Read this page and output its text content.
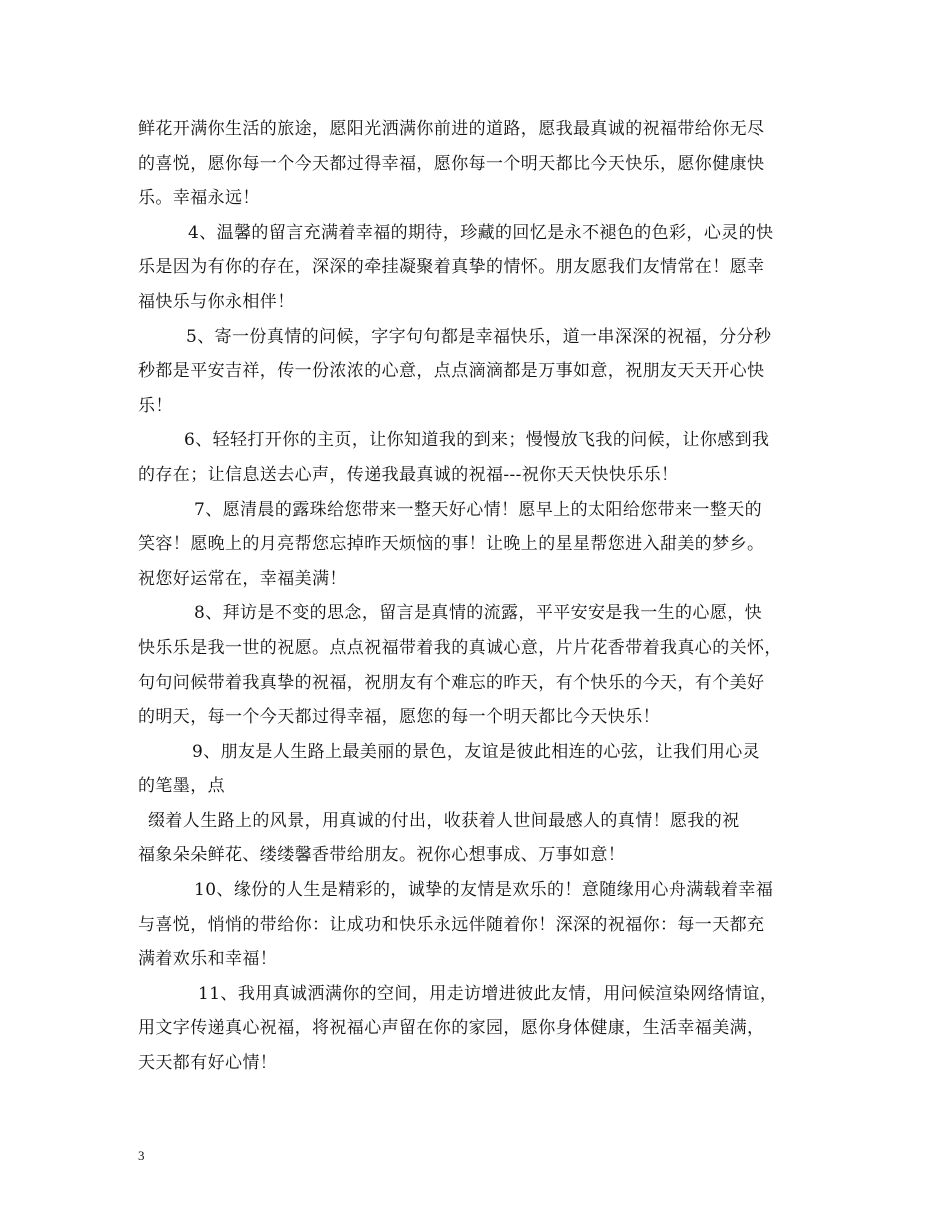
鲜花开满你生活的旅途，愿阳光洒满你前进的道路，愿我最真诚的祝福带给你无尽
的喜悦，愿你每一个今天都过得幸福，愿你每一个明天都比今天快乐，愿你健康快
乐。幸福永远！
4、温馨的留言充满着幸福的期待，珍藏的回忆是永不褪色的色彩，心灵的快
乐是因为有你的存在，深深的牵挂凝聚着真挚的情怀。朋友愿我们友情常在！愿幸
福快乐与你永相伴！
5、寄一份真情的问候，字字句句都是幸福快乐，道一串深深的祝福，分分秒
秒都是平安吉祥，传一份浓浓的心意，点点滴滴都是万事如意，祝朋友天天开心快
乐！
6、轻轻打开你的主页，让你知道我的到来；慢慢放飞我的问候，让你感到我
的存在；让信息送去心声，传递我最真诚的祝福---祝你天天快快乐乐！
7、愿清晨的露珠给您带来一整天好心情！愿早上的太阳给您带来一整天的
笑容！愿晚上的月亮帮您忘掉昨天烦恼的事！让晚上的星星帮您进入甜美的梦乡。
祝您好运常在，幸福美满！
8、拜访是不变的思念，留言是真情的流露，平平安安是我一生的心愿，快
快乐乐是我一世的祝愿。点点祝福带着我的真诚心意，片片花香带着我真心的关怀，
句句问候带着我真挚的祝福，祝朋友有个难忘的昨天，有个快乐的今天，有个美好
的明天，每一个今天都过得幸福，愿您的每一个明天都比今天快乐！
9、朋友是人生路上最美丽的景色，友谊是彼此相连的心弦，让我们用心灵
的笔墨，点
缀着人生路上的风景，用真诚的付出，收获着人世间最感人的真情！愿我的祝
福象朵朵鲜花、缕缕馨香带给朋友。祝你心想事成、万事如意！
10、缘份的人生是精彩的，诚挚的友情是欢乐的！意随缘用心舟满载着幸福
与喜悦，悄悄的带给你：让成功和快乐永远伴随着你！深深的祝福你：每一天都充
满着欢乐和幸福！
11、我用真诚洒满你的空间，用走访增进彼此友情，用问候渲染网络情谊，
用文字传递真心祝福，将祝福心声留在你的家园，愿你身体健康，生活幸福美满，
天天都有好心情！
3
